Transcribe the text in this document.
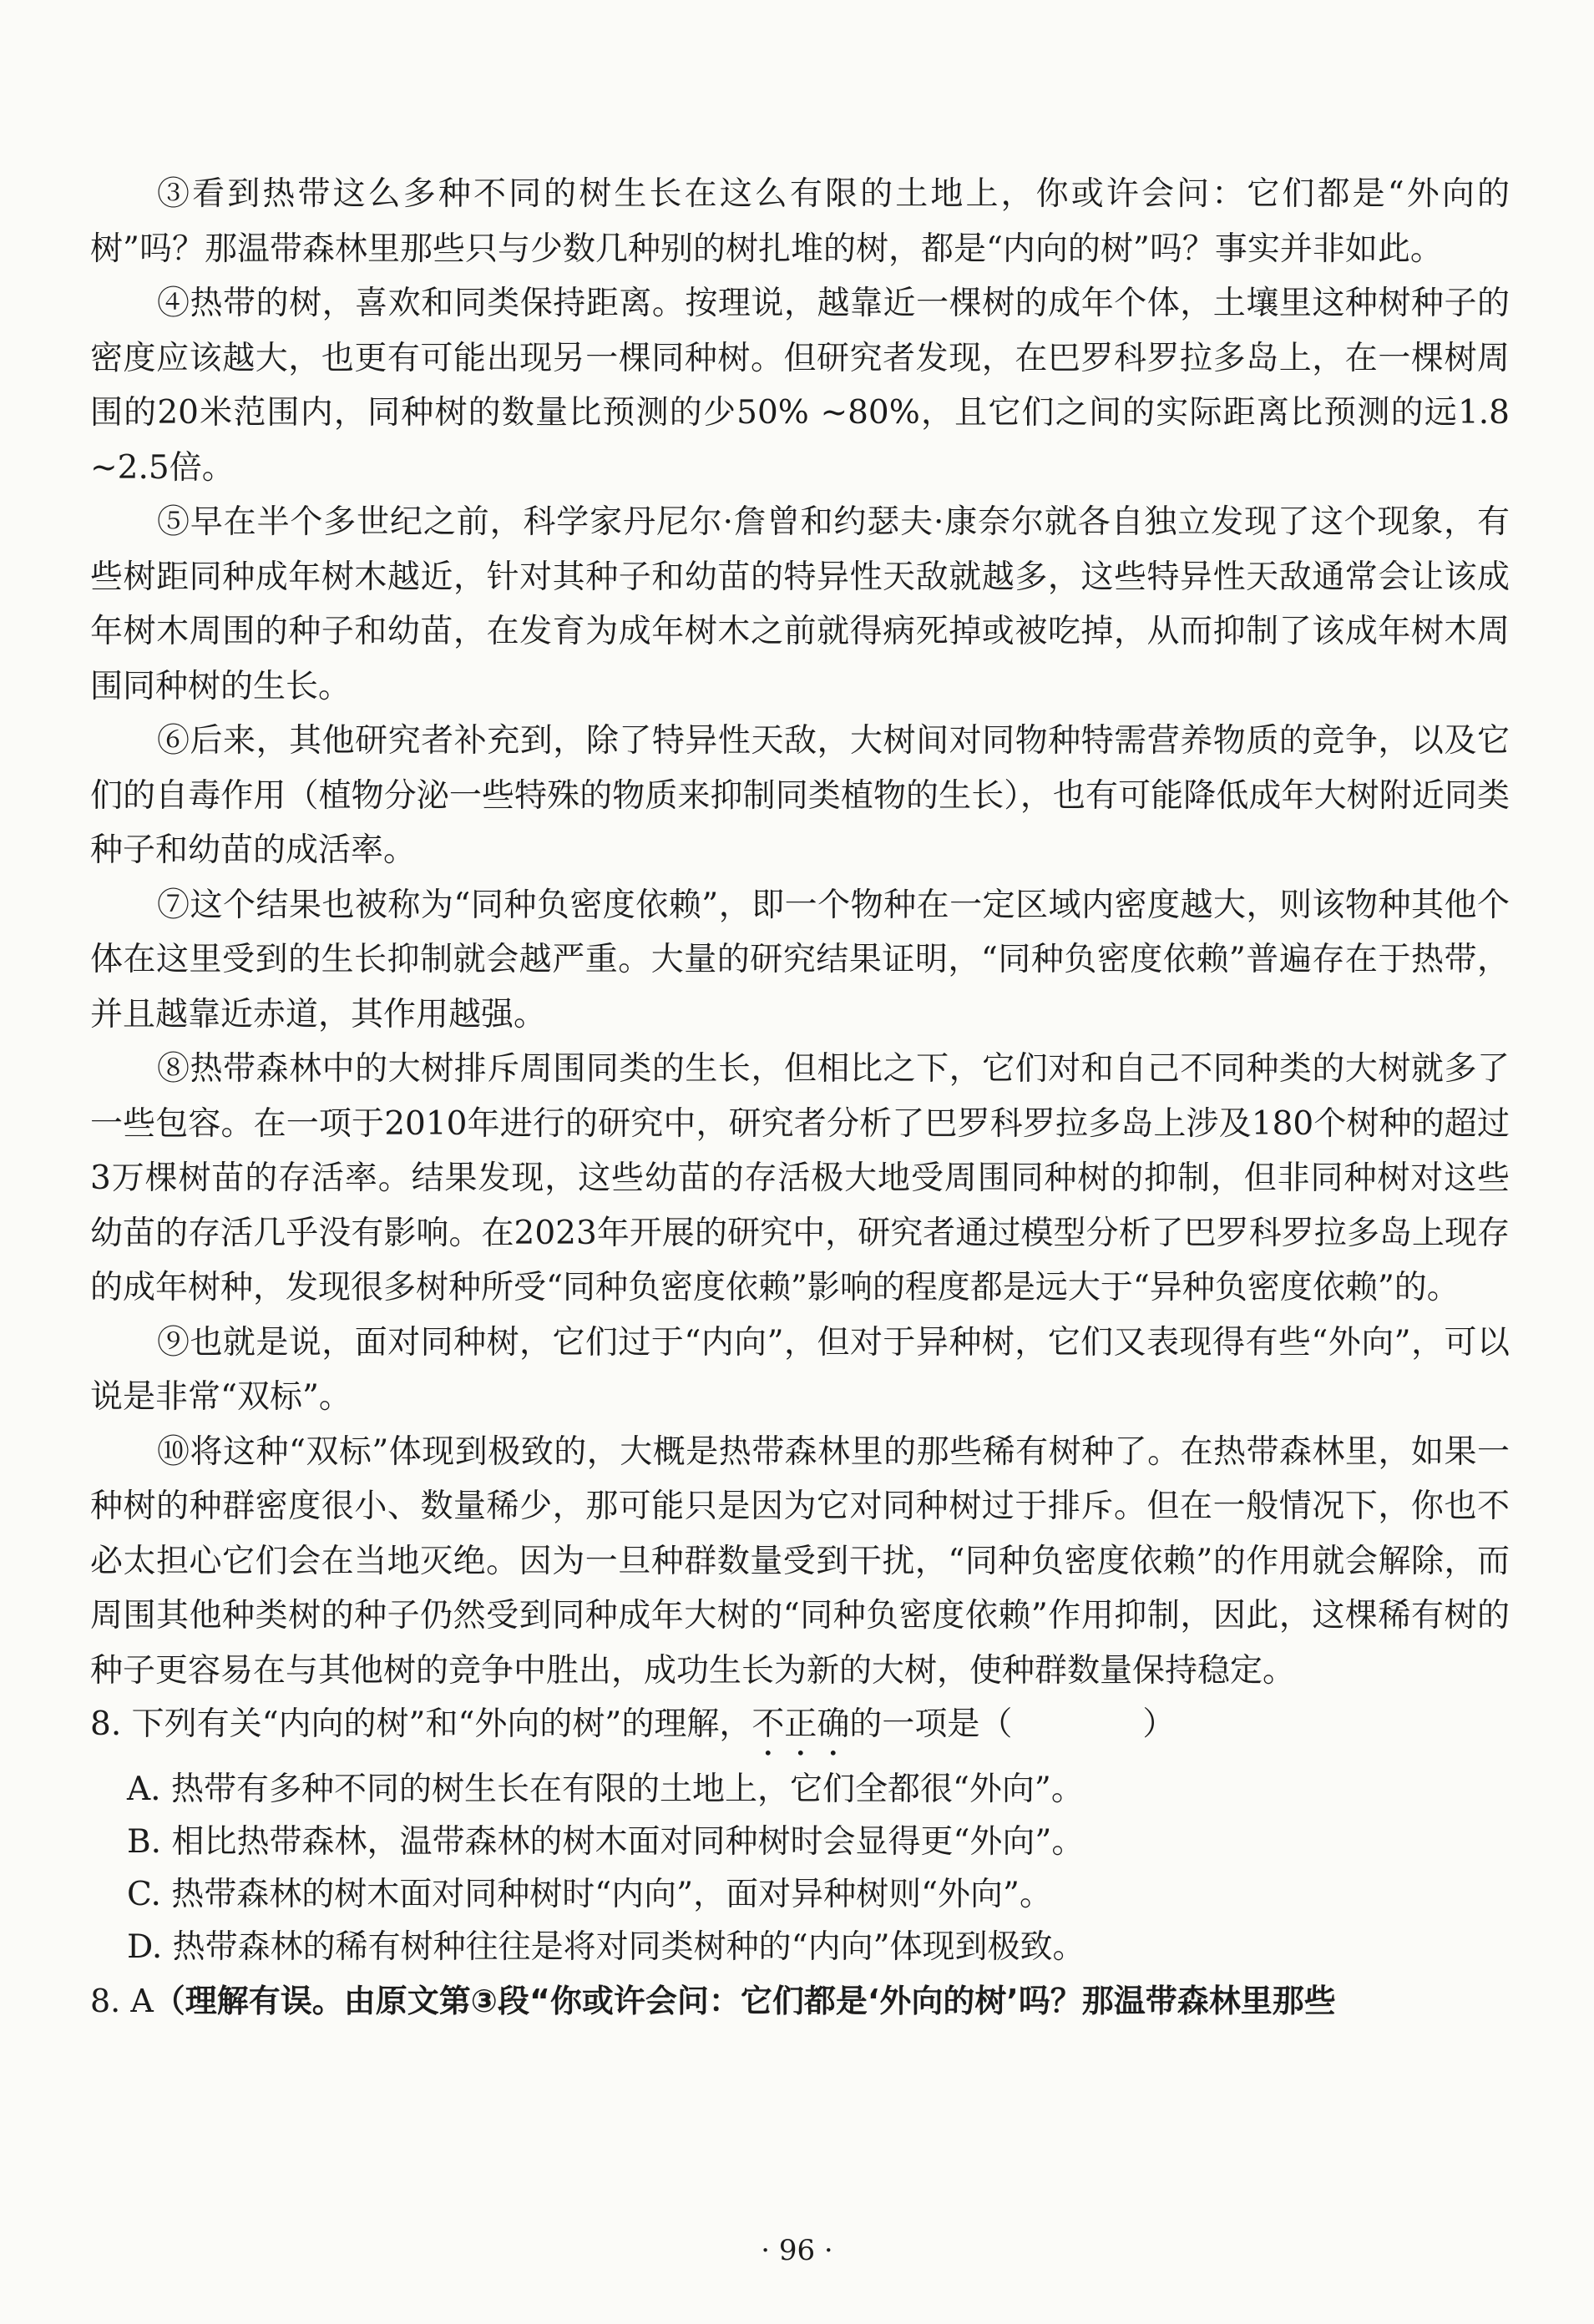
③看到热带这么多种不同的树生长在这么有限的土地上，你或许会问：它们都是“外向的树”吗？那温带森林里那些只与少数几种别的树扎堆的树，都是“内向的树”吗？事实并非如此。

④热带的树，喜欢和同类保持距离。按理说，越靠近一棵树的成年个体，土壤里这种树种子的密度应该越大，也更有可能出现另一棵同种树。但研究者发现，在巴罗科罗拉多岛上，在一棵树周围的20米范围内，同种树的数量比预测的少50% ~80%，且它们之间的实际距离比预测的远1.8 ~2.5倍。

⑤早在半个多世纪之前，科学家丹尼尔·詹曾和约瑟夫·康奈尔就各自独立发现了这个现象，有些树距同种成年树木越近，针对其种子和幼苗的特异性天敌就越多，这些特异性天敌通常会让该成年树木周围的种子和幼苗，在发育为成年树木之前就得病死掉或被吃掉，从而抑制了该成年树木周围同种树的生长。

⑥后来，其他研究者补充到，除了特异性天敌，大树间对同物种特需营养物质的竞争，以及它们的自毒作用（植物分泌一些特殊的物质来抑制同类植物的生长），也有可能降低成年大树附近同类种子和幼苗的成活率。

⑦这个结果也被称为“同种负密度依赖”，即一个物种在一定区域内密度越大，则该物种其他个体在这里受到的生长抑制就会越严重。大量的研究结果证明，“同种负密度依赖”普遍存在于热带，并且越靠近赤道，其作用越强。

⑧热带森林中的大树排斥周围同类的生长，但相比之下，它们对和自己不同种类的大树就多了一些包容。在一项于2010年进行的研究中，研究者分析了巴罗科罗拉多岛上涉及180个树种的超过3万棵树苗的存活率。结果发现，这些幼苗的存活极大地受周围同种树的抑制，但非同种树对这些幼苗的存活几乎没有影响。在2023年开展的研究中，研究者通过模型分析了巴罗科罗拉多岛上现存的成年树种，发现很多树种所受“同种负密度依赖”影响的程度都是远大于“异种负密度依赖”的。

⑨也就是说，面对同种树，它们过于“内向”，但对于异种树，它们又表现得有些“外向”，可以说是非常“双标”。

⑩将这种“双标”体现到极致的，大概是热带森林里的那些稀有树种了。在热带森林里，如果一种树的种群密度很小、数量稀少，那可能只是因为它对同种树过于排斥。但在一般情况下，你也不必太担心它们会在当地灭绝。因为一旦种群数量受到干扰，“同种负密度依赖”的作用就会解除，而周围其他种类树的种子仍然受到同种成年大树的“同种负密度依赖”作用抑制，因此，这棵稀有树的种子更容易在与其他树的竞争中胜出，成功生长为新的大树，使种群数量保持稳定。

8. 下列有关“内向的树”和“外向的树”的理解，不正确的一项是（　　　　）

A. 热带有多种不同的树生长在有限的土地上，它们全都很“外向”。

B. 相比热带森林，温带森林的树木面对同种树时会显得更“外向”。

C. 热带森林的树木面对同种树时“内向”，面对异种树则“外向”。

D. 热带森林的稀有树种往往是将对同类树种的“内向”体现到极致。

8. A（理解有误。由原文第③段“你或许会问：它们都是‘外向的树’吗？那温带森林里那些

· 96 ·
